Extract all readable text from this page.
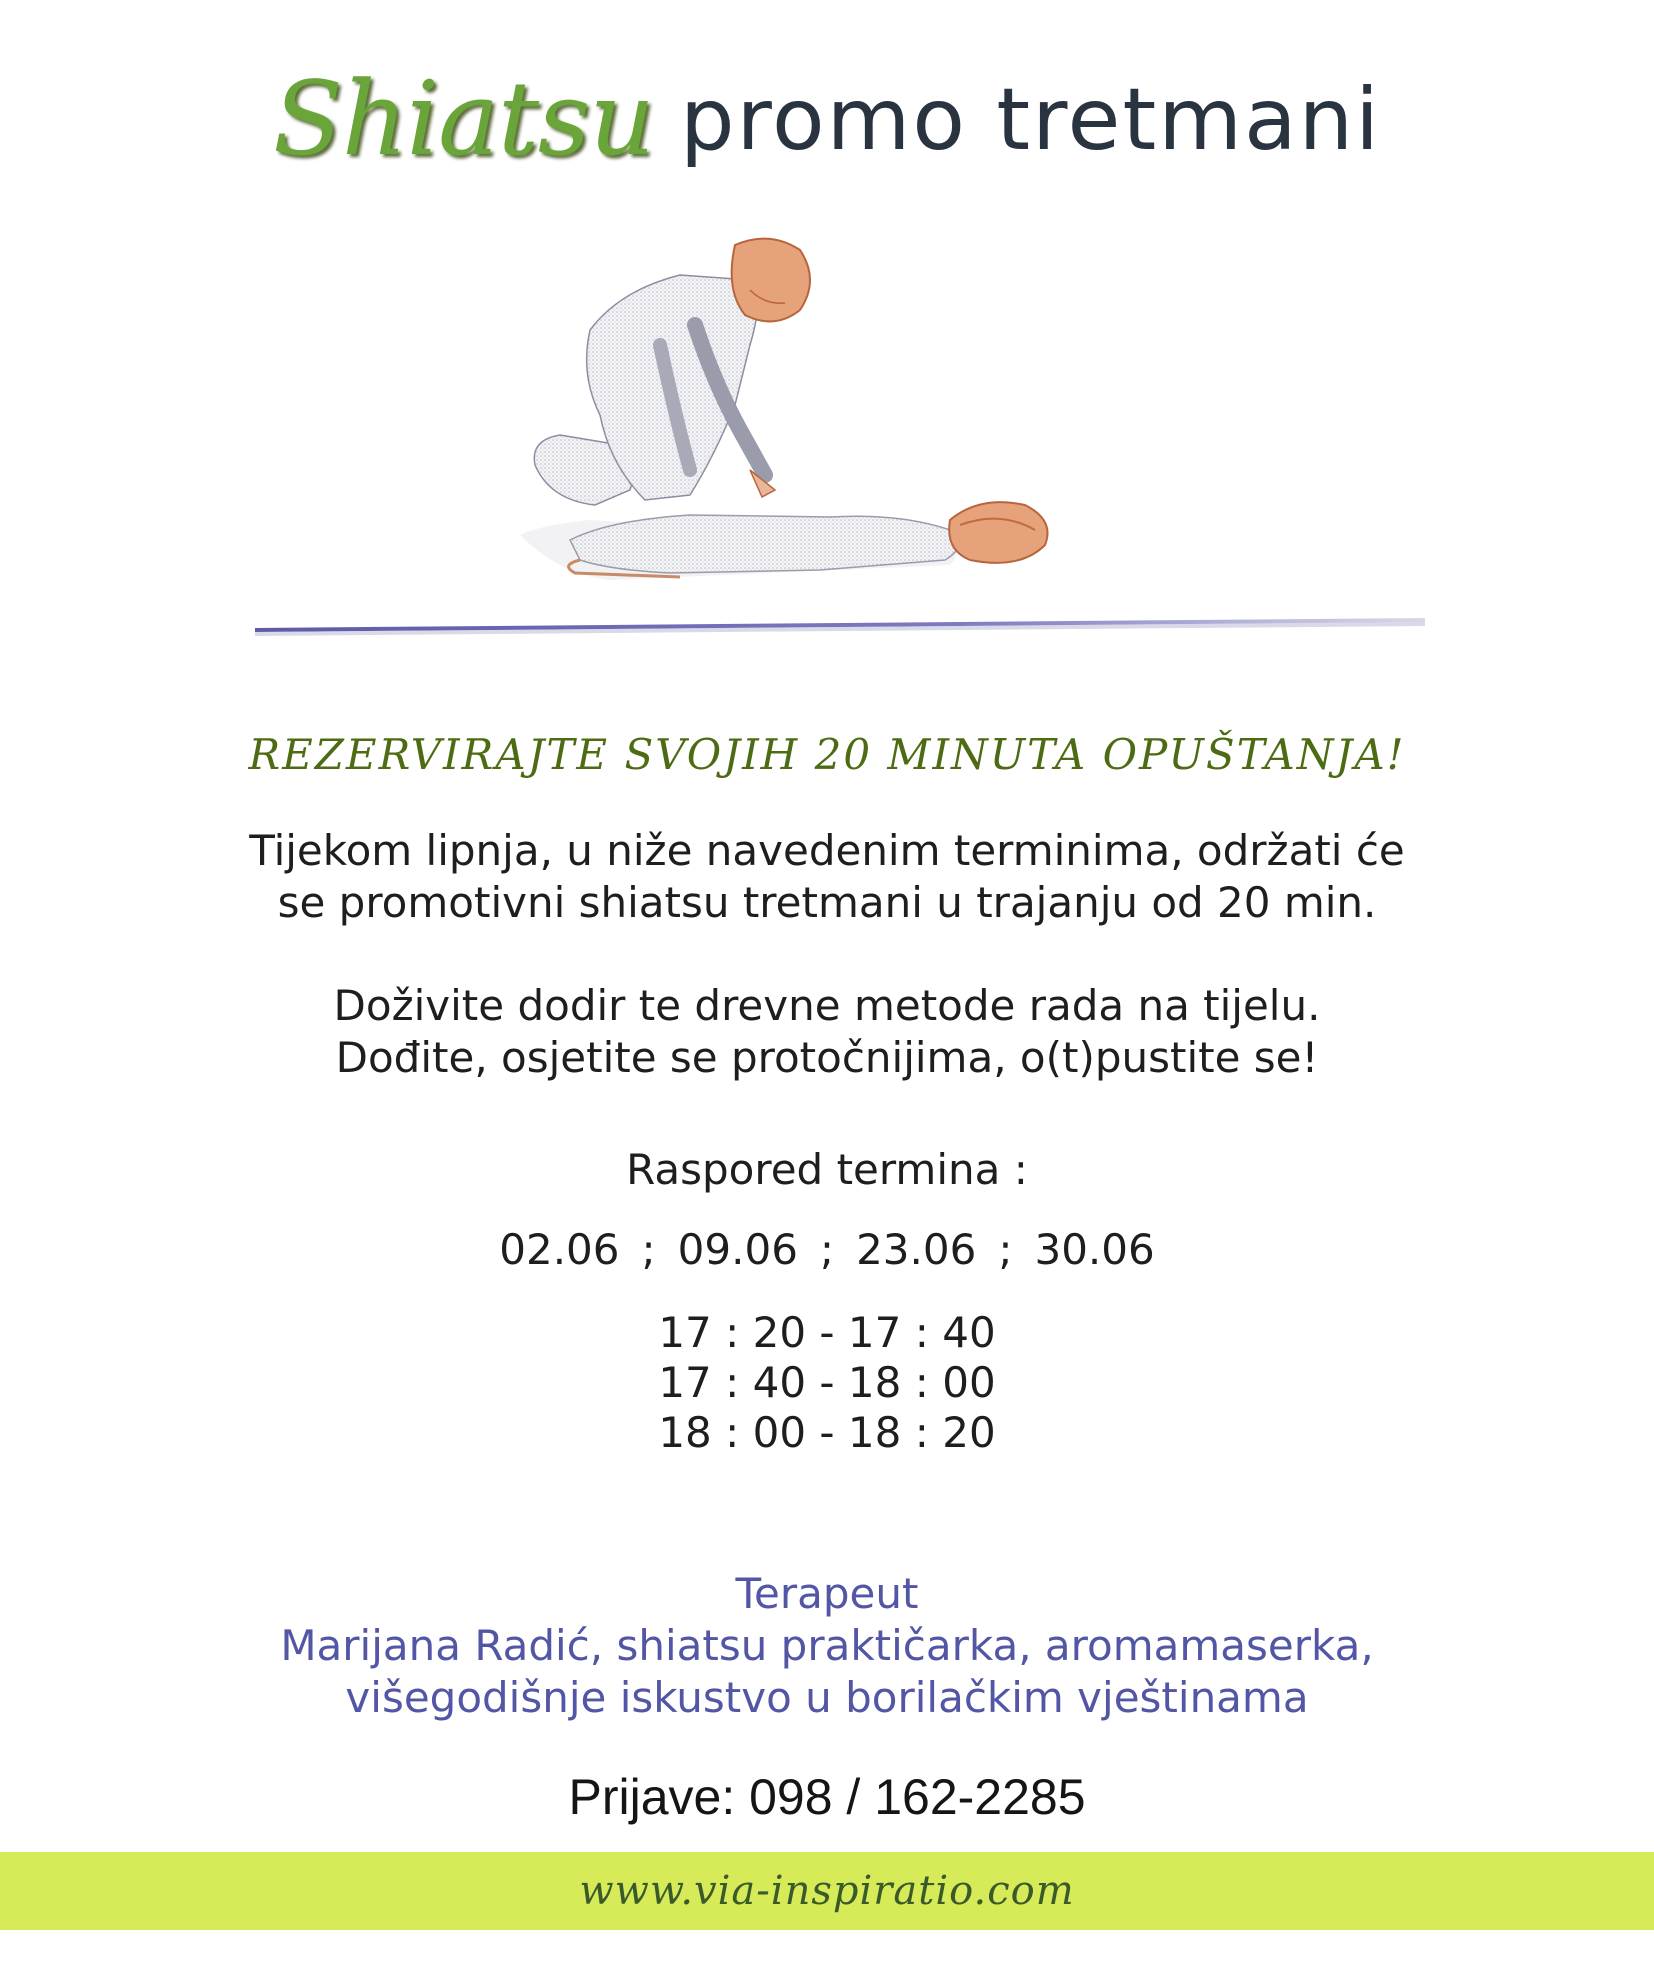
Shiatsu promo tretmani
REZERVIRAJTE SVOJIH 20 MINUTA OPUŠTANJA!
Tijekom lipnja, u niže navedenim terminima, održati će
se promotivni shiatsu tretmani u trajanju od 20 min.
Doživite dodir te drevne metode rada na tijelu.
Dođite, osjetite se protočnijima, o(t)pustite se!
Raspored termina :
02.06 ; 09.06 ; 23.06 ; 30.06
17 : 20 - 17 : 40
17 : 40 - 18 : 00
18 : 00 - 18 : 20
Terapeut
Marijana Radić, shiatsu praktičarka, aromamaserka,
višegodišnje iskustvo u borilačkim vještinama
Prijave: 098 / 162-2285
www.via-inspiratio.com
